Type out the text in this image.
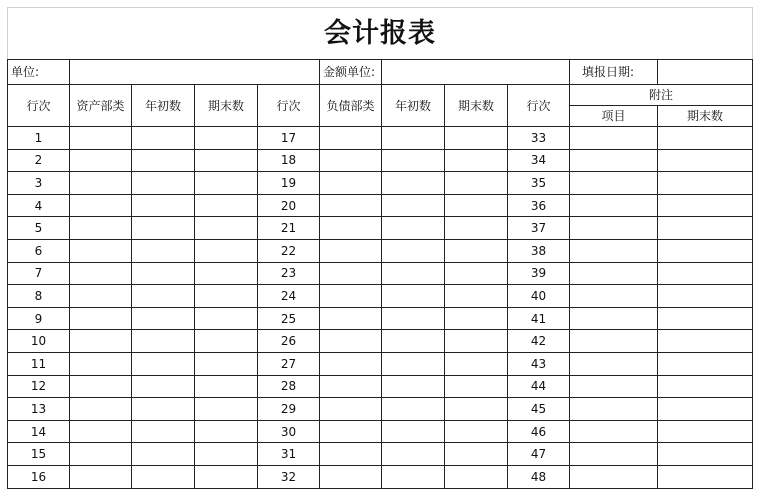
会计报表										
单位:					金额单位:				填报日期:	
行次	资产部类	年初数	期末数	行次	负债部类	年初数	期末数	行次	附注	
									项目	期末数
1				17				33		
2				18				34		
3				19				35		
4				20				36		
5				21				37		
6				22				38		
7				23				39		
8				24				40		
9				25				41		
10				26				42		
11				27				43		
12				28				44		
13				29				45		
14				30				46		
15				31				47		
16				32				48		
